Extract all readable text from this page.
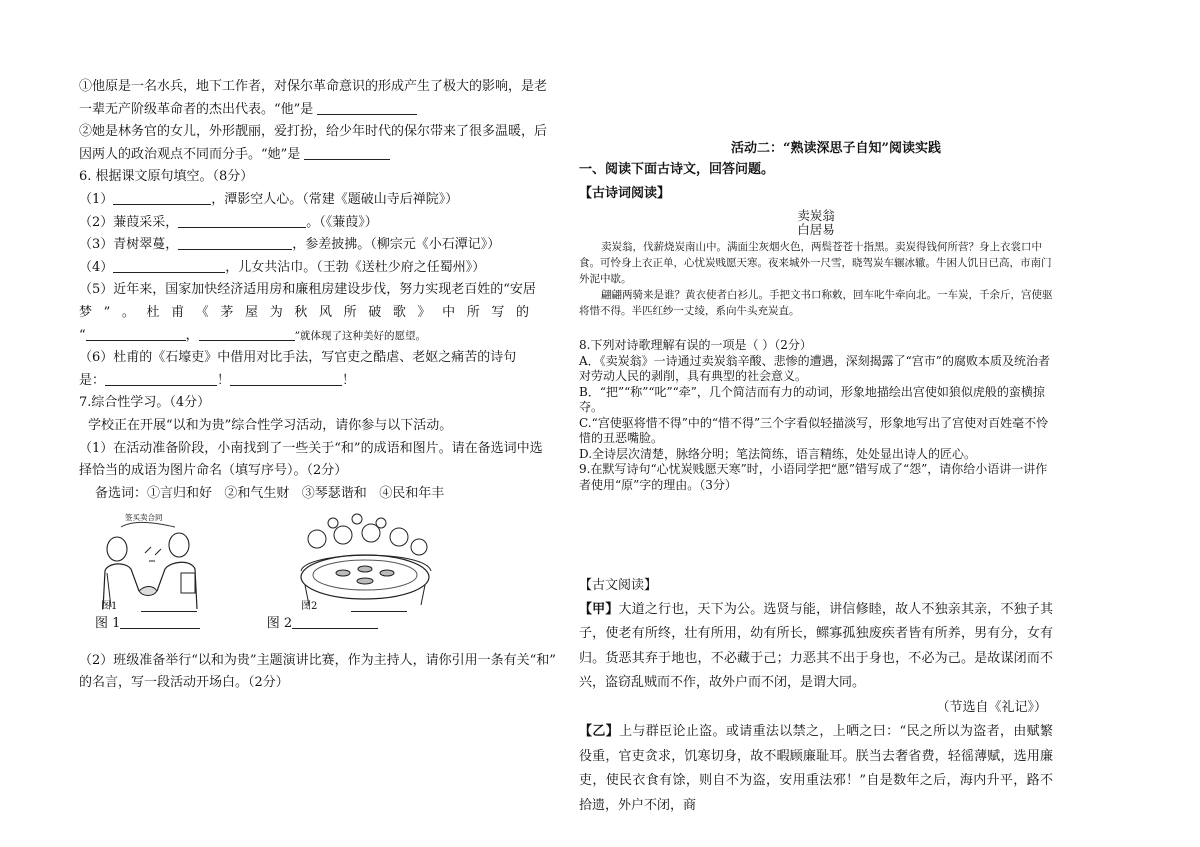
①他原是一名水兵，地下工作者，对保尔革命意识的形成产生了极大的影响，是老
一辈无产阶级革命者的杰出代表。“他”是
②她是林务官的女儿，外形靓丽，爱打扮，给少年时代的保尔带来了很多温暖，后
因两人的政治观点不同而分手。“她”是
6. 根据课文原句填空。（8分）
（1）	，潭影空人心。（常建《题破山寺后禅院》）
（2）蒹葭采采，	。（《蒹葭》）
（3）青树翠蔓，	，参差披拂。（柳宗元《小石潭记》）
（4）	，儿女共沾巾。（王勃《送杜少府之任蜀州》）
（5）近年来，国家加快经济适用房和廉租房建设步伐，努力实现老百姓的“安居
梦”。杜甫《茅屋为秋风所破歌》中所写的
“	，	”就体现了这种美好的愿望。
（6）杜甫的《石壕吏》中借用对比手法，写官吏之酷虐、老妪之痛苦的诗句
是：	！	！
7.综合性学习。（4分）
学校正在开展“以和为贵”综合性学习活动，请你参与以下活动。
（1）在活动准备阶段，小南找到了一些关于“和”的成语和图片。请在备选词中选
择恰当的成语为图片命名（填写序号）。（2分）
备选词：①言归和好   ②和气生财   ③琴瑟谐和   ④民和年丰
签买卖合同
图1	图2
图 1	图 2
（2）班级准备举行“以和为贵”主题演讲比赛，作为主持人，请你引用一条有关“和”
的名言，写一段活动开场白。（2分）
活动二：“熟读深思子自知”阅读实践
一、阅读下面古诗文，回答问题。
【古诗词阅读】
卖炭翁
白居易
卖炭翁，伐薪烧炭南山中。满面尘灰烟火色，两鬓苍苍十指黑。卖炭得钱何所营？身上衣裳口中食。可怜身上衣正单，心忧炭贱愿天寒。夜来城外一尺雪，晓驾炭车辗冰辙。牛困人饥日已高，市南门外泥中歇。
翩翩两骑来是谁？黄衣使者白衫儿。手把文书口称敕，回车叱牛牵向北。一车炭，千余斤，宫使驱将惜不得。半匹红纱一丈绫，系向牛头充炭直。
8.下列对诗歌理解有误的一项是（ ）（2分）
A．《卖炭翁》一诗通过卖炭翁辛酸、悲惨的遭遇，深刻揭露了“宫市”的腐败本质及统治者对劳动人民的剥削，具有典型的社会意义。
B．“把”“称”“叱”“牵”，几个简洁而有力的动词，形象地描绘出宫使如狼似虎般的蛮横掠夺。
C.“宫使驱将惜不得”中的“惜不得”三个字看似轻描淡写，形象地写出了宫使对百姓毫不怜惜的丑恶嘴脸。
D.全诗层次清楚，脉络分明；笔法简练，语言精练，处处显出诗人的匠心。
9.在默写诗句“心忧炭贱愿天寒”时，小语同学把“愿”错写成了“怨”，请你给小语讲一讲作者使用“原”字的理由。（3分）
【古文阅读】
【甲】大道之行也，天下为公。选贤与能，讲信修睦，故人不独亲其亲，不独子其子，使老有所终，壮有所用，幼有所长，鳏寡孤独废疾者皆有所养，男有分，女有归。货恶其弃于地也，不必藏于己；力恶其不出于身也，不必为己。是故谋闭而不兴，盗窃乱贼而不作，故外户而不闭，是谓大同。
（节选自《礼记》）
【乙】上与群臣论止盗。或请重法以禁之，上哂之曰：“民之所以为盗者，由赋繁役重，官吏贪求，饥寒切身，故不暇顾廉耻耳。朕当去奢省费，轻徭薄赋，选用廉吏，使民衣食有馀，则自不为盗，安用重法邪！”自是数年之后，海内升平，路不拾遗，外户不闭，商
